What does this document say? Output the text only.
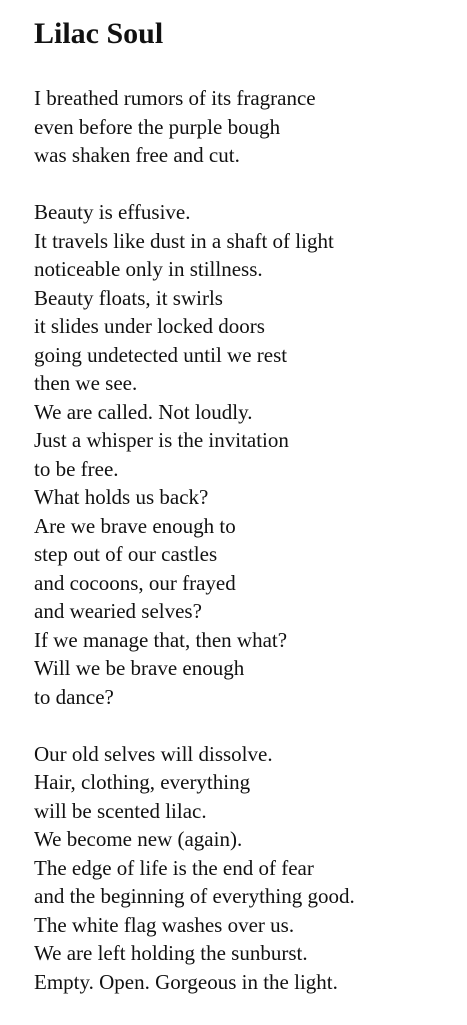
Lilac Soul
I breathed rumors of its fragrance
even before the purple bough
was shaken free and cut.
Beauty is effusive.
It travels like dust in a shaft of light
noticeable only in stillness.
Beauty floats, it swirls
it slides under locked doors
going undetected until we rest
then we see.
We are called. Not loudly.
Just a whisper is the invitation
to be free.
What holds us back?
Are we brave enough to
step out of our castles
and cocoons, our frayed
and wearied selves?
If we manage that, then what?
Will we be brave enough
to dance?
Our old selves will dissolve.
Hair, clothing, everything
will be scented lilac.
We become new (again).
The edge of life is the end of fear
and the beginning of everything good.
The white flag washes over us.
We are left holding the sunburst.
Empty. Open. Gorgeous in the light.
